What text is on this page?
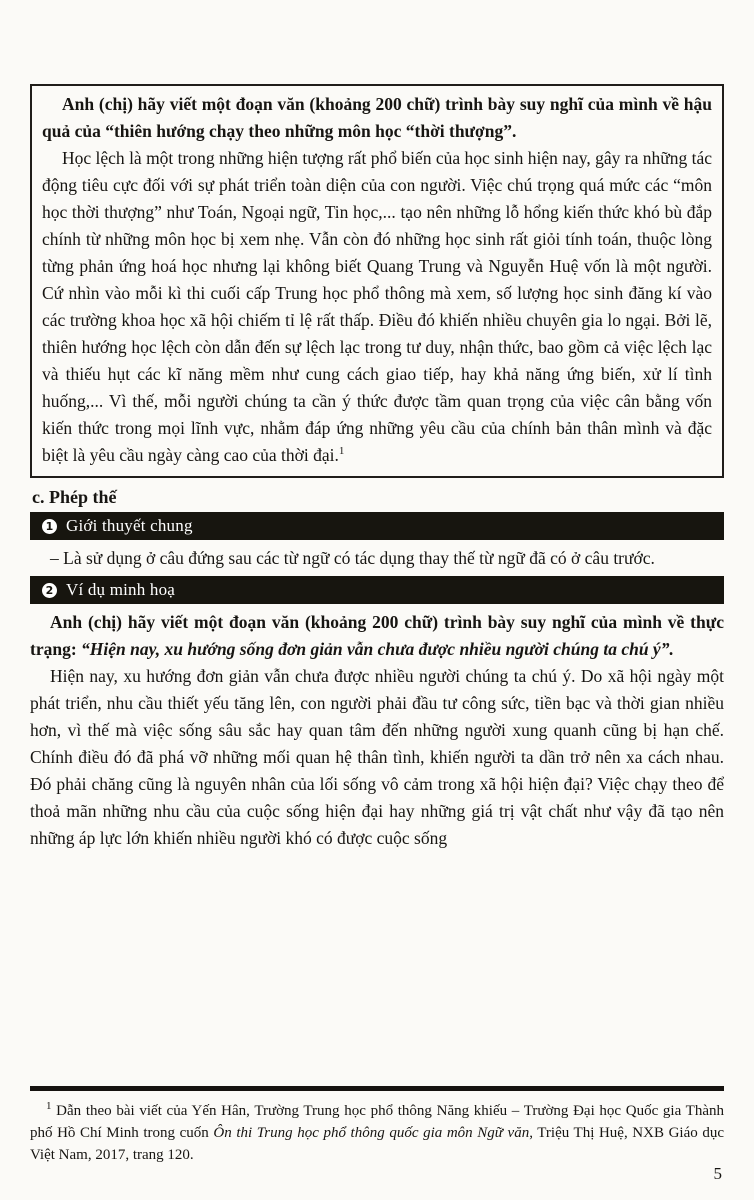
Anh (chị) hãy viết một đoạn văn (khoảng 200 chữ) trình bày suy nghĩ của mình về hậu quả của “thiên hướng chạy theo những môn học “thời thượng”.

Học lệch là một trong những hiện tượng rất phổ biến của học sinh hiện nay, gây ra những tác động tiêu cực đối với sự phát triển toàn diện của con người. Việc chú trọng quá mức các “môn học thời thượng” như Toán, Ngoại ngữ, Tin học,... tạo nên những lỗ hổng kiến thức khó bù đắp chính từ những môn học bị xem nhẹ. Vẫn còn đó những học sinh rất giỏi tính toán, thuộc lòng từng phản ứng hoá học nhưng lại không biết Quang Trung và Nguyễn Huệ vốn là một người. Cứ nhìn vào mỗi kì thi cuối cấp Trung học phổ thông mà xem, số lượng học sinh đăng kí vào các trường khoa học xã hội chiếm tỉ lệ rất thấp. Điều đó khiến nhiều chuyên gia lo ngại. Bởi lẽ, thiên hướng học lệch còn dẫn đến sự lệch lạc trong tư duy, nhận thức, bao gồm cả việc lệch lạc và thiếu hụt các kĩ năng mềm như cung cách giao tiếp, hay khả năng ứng biến, xử lí tình huống,... Vì thế, mỗi người chúng ta cần ý thức được tầm quan trọng của việc cân bằng vốn kiến thức trong mọi lĩnh vực, nhằm đáp ứng những yêu cầu của chính bản thân mình và đặc biệt là yêu cầu ngày càng cao của thời đại.$^1$

c. Phép thế
1 Giới thuyết chung

– Là sử dụng ở câu đứng sau các từ ngữ có tác dụng thay thế từ ngữ đã có ở câu trước.

2 Ví dụ minh hoạ

Anh (chị) hãy viết một đoạn văn (khoảng 200 chữ) trình bày suy nghĩ của mình về thực trạng: “Hiện nay, xu hướng sống đơn giản vẫn chưa được nhiều người chúng ta chú ý”.

Hiện nay, xu hướng đơn giản vẫn chưa được nhiều người chúng ta chú ý. Do xã hội ngày một phát triển, nhu cầu thiết yếu tăng lên, con người phải đầu tư công sức, tiền bạc và thời gian nhiều hơn, vì thế mà việc sống sâu sắc hay quan tâm đến những người xung quanh cũng bị hạn chế. Chính điều đó đã phá vỡ những mối quan hệ thân tình, khiến người ta dần trở nên xa cách nhau. Đó phải chăng cũng là nguyên nhân của lối sống vô cảm trong xã hội hiện đại? Việc chạy theo để thoả mãn những nhu cầu của cuộc sống hiện đại hay những giá trị vật chất như vậy đã tạo nên những áp lực lớn khiến nhiều người khó có được cuộc sống

$^1$ Dẫn theo bài viết của Yến Hân, Trường Trung học phổ thông Năng khiếu – Trường Đại học Quốc gia Thành phố Hồ Chí Minh trong cuốn Ôn thi Trung học phổ thông quốc gia môn Ngữ văn, Triệu Thị Huệ, NXB Giáo dục Việt Nam, 2017, trang 120.

5
